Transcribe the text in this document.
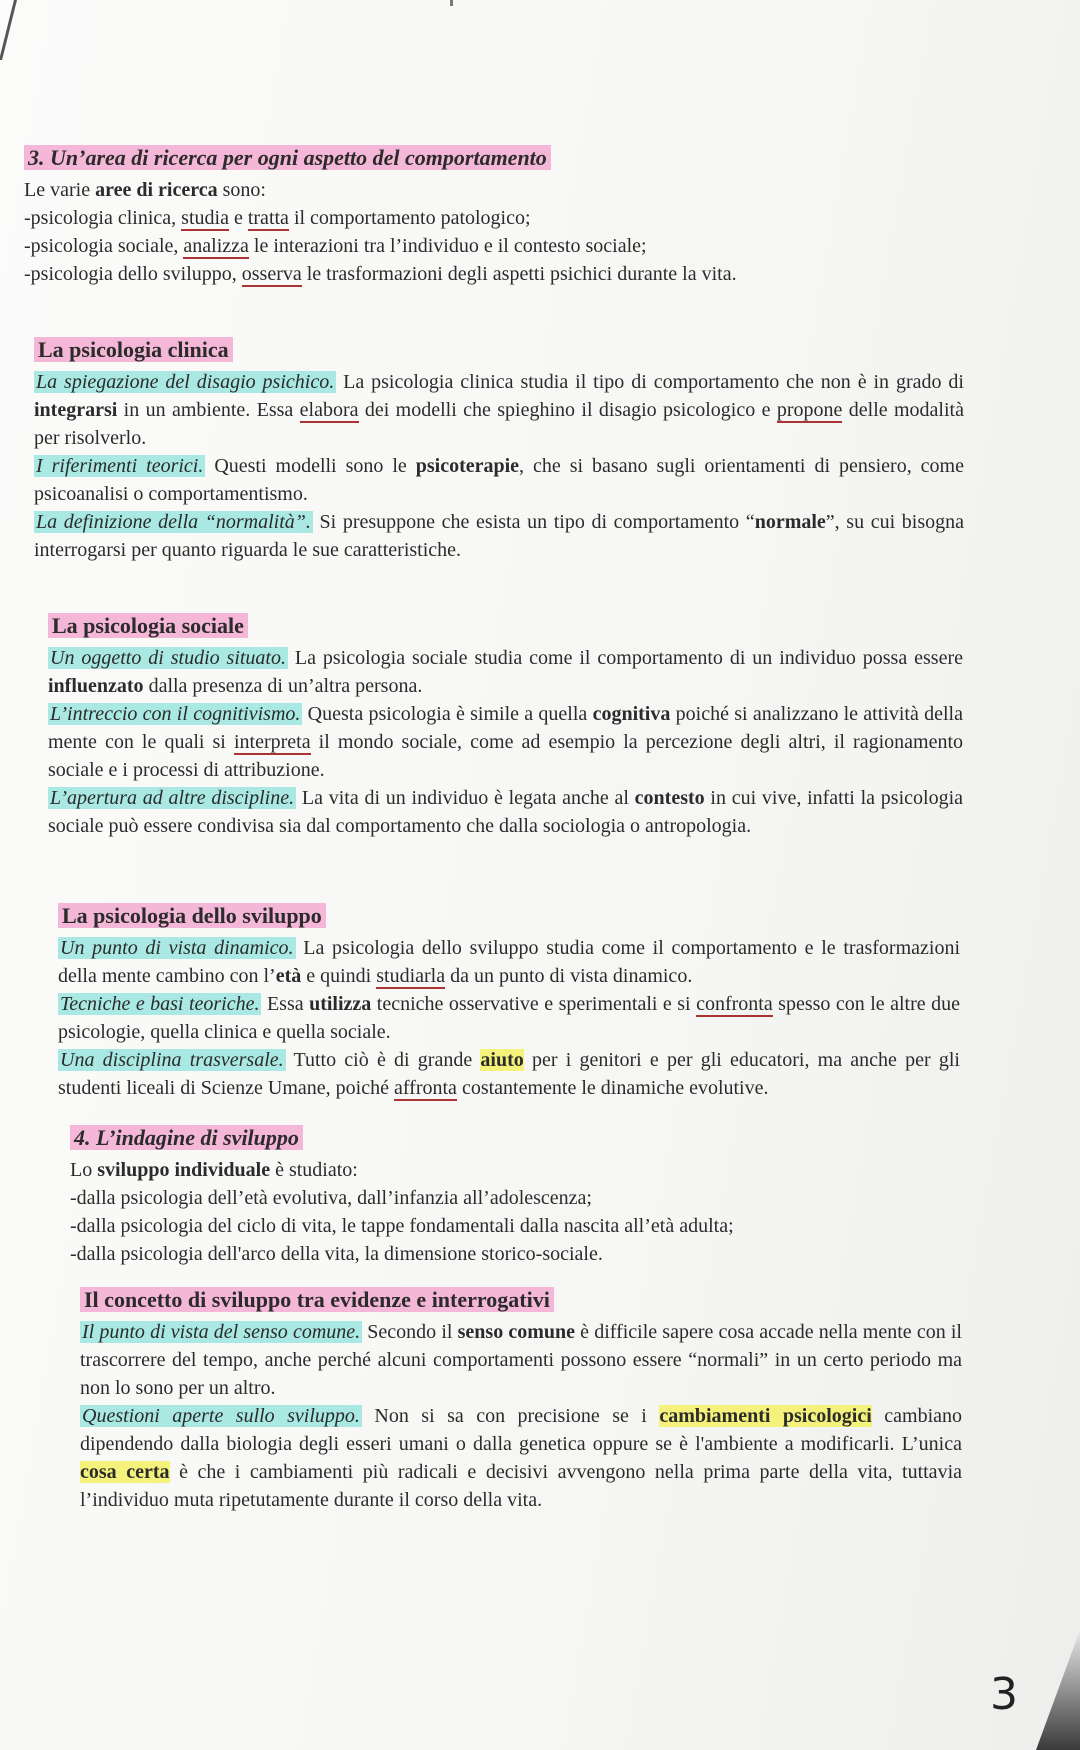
3. Un’area di ricerca per ogni aspetto del comportamento

Le varie aree di ricerca sono:

-psicologia clinica, studia e tratta il comportamento patologico;

-psicologia sociale, analizza le interazioni tra l’individuo e il contesto sociale;

-psicologia dello sviluppo, osserva le trasformazioni degli aspetti psichici durante la vita.

La psicologia clinica

La spiegazione del disagio psichico. La psicologia clinica studia il tipo di comportamento che non è in grado di integrarsi in un ambiente. Essa elabora dei modelli che spieghino il disagio psicologico e propone delle modalità per risolverlo.

I riferimenti teorici. Questi modelli sono le psicoterapie, che si basano sugli orientamenti di pensiero, come psicoanalisi o comportamentismo.

La definizione della “normalità”. Si presuppone che esista un tipo di comportamento “normale”, su cui bisogna interrogarsi per quanto riguarda le sue caratteristiche.

La psicologia sociale

Un oggetto di studio situato. La psicologia sociale studia come il comportamento di un individuo possa essere influenzato dalla presenza di un’altra persona.

L’intreccio con il cognitivismo. Questa psicologia è simile a quella cognitiva poiché si analizzano le attività della mente con le quali si interpreta il mondo sociale, come ad esempio la percezione degli altri, il ragionamento sociale e i processi di attribuzione.

L’apertura ad altre discipline. La vita di un individuo è legata anche al contesto in cui vive, infatti la psicologia sociale può essere condivisa sia dal comportamento che dalla sociologia o antropologia.

La psicologia dello sviluppo

Un punto di vista dinamico. La psicologia dello sviluppo studia come il comportamento e le trasformazioni della mente cambino con l’età e quindi studiarla da un punto di vista dinamico.

Tecniche e basi teoriche. Essa utilizza tecniche osservative e sperimentali e si confronta spesso con le altre due psicologie, quella clinica e quella sociale.

Una disciplina trasversale. Tutto ciò è di grande aiuto per i genitori e per gli educatori, ma anche per gli studenti liceali di Scienze Umane, poiché affronta costantemente le dinamiche evolutive.

4. L’indagine di sviluppo

Lo sviluppo individuale è studiato:

-dalla psicologia dell’età evolutiva, dall’infanzia all’adolescenza;

-dalla psicologia del ciclo di vita, le tappe fondamentali dalla nascita all’età adulta;

-dalla psicologia dell'arco della vita, la dimensione storico-sociale.

Il concetto di sviluppo tra evidenze e interrogativi

Il punto di vista del senso comune. Secondo il senso comune è difficile sapere cosa accade nella mente con il trascorrere del tempo, anche perché alcuni comportamenti possono essere “normali” in un certo periodo ma non lo sono per un altro.

Questioni aperte sullo sviluppo. Non si sa con precisione se i cambiamenti psicologici cambiano dipendendo dalla biologia degli esseri umani o dalla genetica oppure se è l'ambiente a modificarli. L’unica cosa certa è che i cambiamenti più radicali e decisivi avvengono nella prima parte della vita, tuttavia l’individuo muta ripetutamente durante il corso della vita.

3
